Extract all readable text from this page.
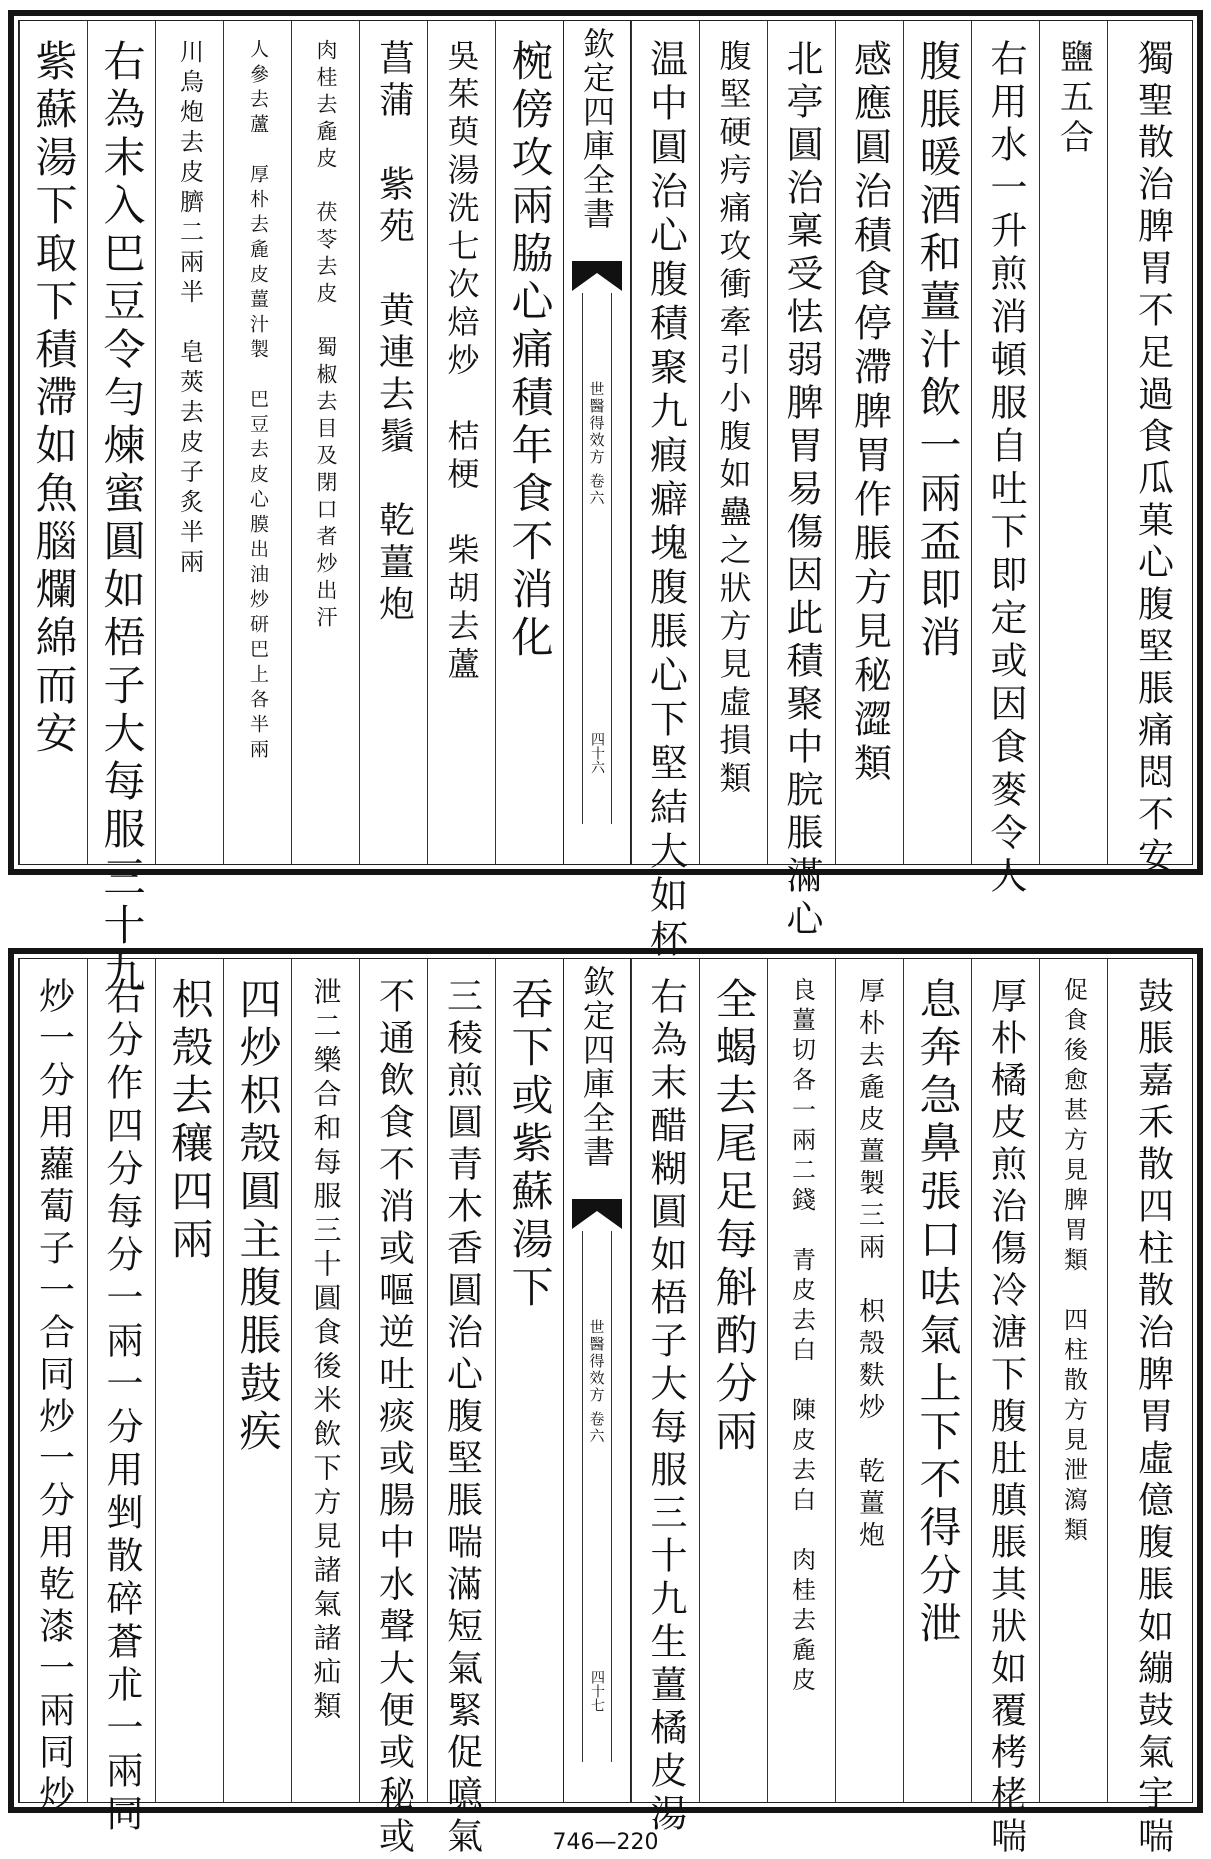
紫蘇湯下取下積滯如魚腦爛綿而安 右為末入巴豆令勻煉蜜圓如梧子大每服三十九 川烏炮去皮臍二兩半　皂莢去皮子炙半兩 人參去蘆　厚朴去麁皮薑汁製　巴豆去皮心膜出油炒研巴上各半兩 肉桂去麁皮　茯苓去皮　蜀椒去目及閉口者炒出汗 菖蒲　紫苑　黄連去鬚　乾薑炮 吳茱萸湯洗七次焙炒　桔梗　柴胡去蘆 椀傍攻兩脇心痛積年食不消化 欽定四庫全書
世醫得效方 卷六
四十六 温中圓治心腹積聚九瘕癖塊腹脹心下堅結大如杯 腹堅硬疞痛攻衝牽引小腹如蠱之狀方見虛損類 北亭圓治稟受怯弱脾胃易傷因此積聚中脘脹滿心 感應圓治積食停滯脾胃作脹方見秘澀類 腹脹暖酒和薑汁飲一兩盃即消 右用水一升煎消頓服自吐下即定或因食麥令人 鹽五合 獨聖散治脾胃不足過食瓜菓心腹堅脹痛悶不安
炒一分用蘿蔔子一合同炒一分用乾漆一兩同炒 右分作四分每分一兩一分用剉散碎蒼朮一兩同 枳殼去穰四兩 四炒枳殼圓主腹脹鼓疾 泄二樂合和每服三十圓食後米飲下方見諸氣諸疝類 不通飲食不消或嘔逆吐痰或腸中水聲大便或秘或 三稜煎圓青木香圓治心腹堅脹喘滿短氣緊促噫氣 吞下或紫蘇湯下 欽定四庫全書
世醫得效方 卷六
四十七 右為末醋糊圓如梧子大每服三十九生薑橘皮湯 全蝎去尾足每斛酌分兩 良薑切各一兩二錢　青皮去白　陳皮去白　肉桂去麁皮 厚朴去麁皮薑製三兩　枳殼麩炒　乾薑炮 息奔急鼻張口呿氣上下不得分泄 厚朴橘皮煎治傷冷溏下腹肚䐜脹其狀如覆栲栳喘 促食後愈甚方見脾胃類　四柱散方見泄瀉類 鼓脹嘉禾散四柱散治脾胃虛億腹脹如繃鼓氣宇喘
746—220
